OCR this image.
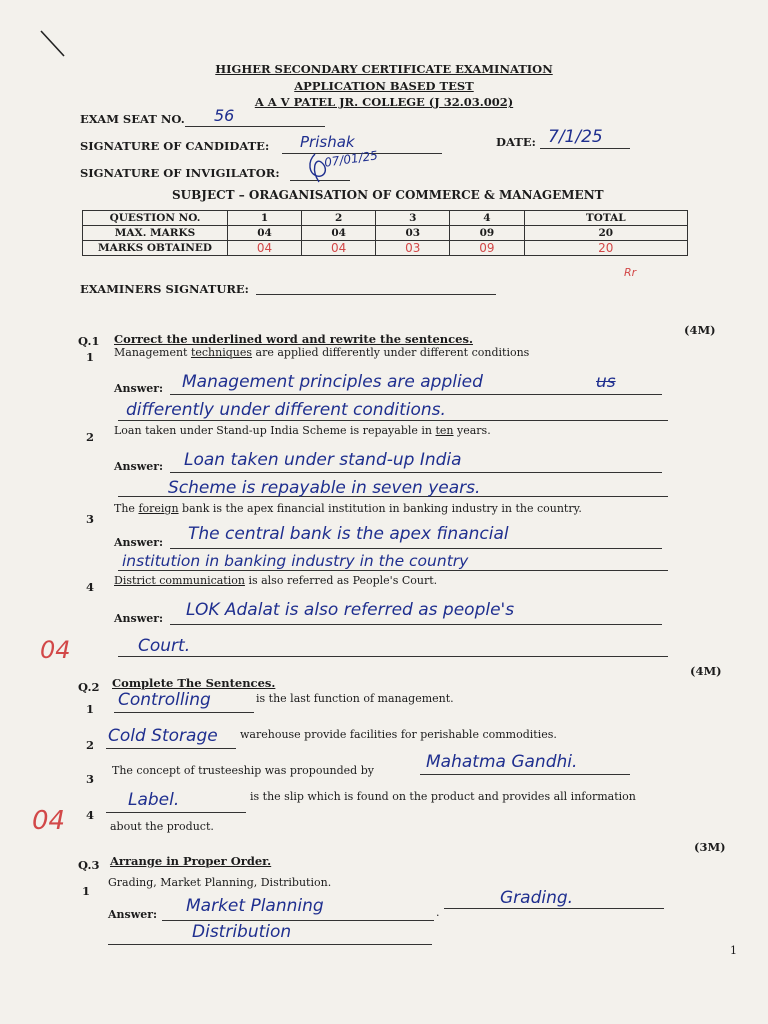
HIGHER SECONDARY CERTIFICATE EXAMINATION
APPLICATION BASED TEST
A A V PATEL JR. COLLEGE (J 32.03.002)
EXAM SEAT NO. 56
SIGNATURE OF CANDIDATE: Prishak	DATE: 7/1/25
SIGNATURE OF INVIGILATOR:
07/01/25
SUBJECT – ORAGANISATION OF COMMERCE & MANAGEMENT
QUESTION NO.	1	2	3	4	TOTAL
MAX. MARKS	04	04	03	09	20
MARKS OBTAINED	04	04	03	09	20
Rr
EXAMINERS SIGNATURE:
Q.1 Correct the underlined word and rewrite the sentences.
(4M)
1 Management techniques are applied differently under different conditions
Answer: Management principles are applied	us
differently under different conditions.
2 Loan taken under Stand-up India Scheme is repayable in ten years.
Answer: Loan taken under stand-up India
Scheme is repayable in seven years.
3
The foreign bank is the apex financial institution in banking industry in the country.
Answer: The central bank is the apex financial
institution in banking industry in the country
4 District communication is also referred as People's Court.
Answer: LOK Adalat is also referred as people's
Court.
04
(4M)
Q.2 Complete The Sentences.
1 Controlling	is the last function of management.
2 Cold Storage warehouse provide facilities for perishable commodities.
3
The concept of trusteeship was propounded by	Mahatma Gandhi.
4
Label.	is the slip which is found on the product and provides all information
about the product.
04
(3M)
Q.3 Arrange in Proper Order.
1
Grading, Market Planning, Distribution.
Answer: Market Planning	.
Grading.
Distribution
1
